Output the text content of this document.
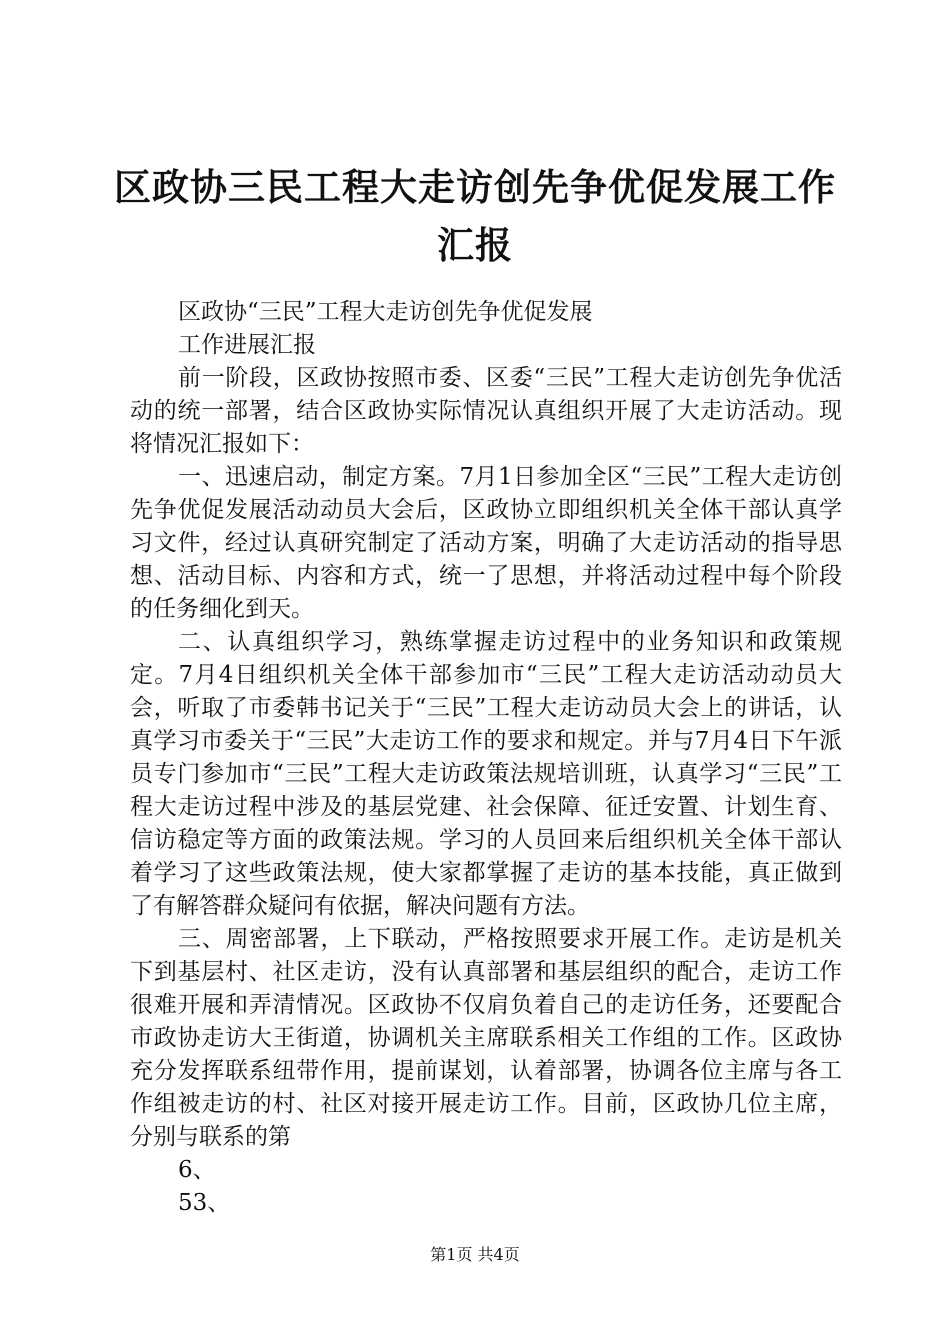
区政协三民工程大走访创先争优促发展工作汇报

区政协“三民”工程大走访创先争优促发展

工作进展汇报

前一阶段，区政协按照市委、区委“三民”工程大走访创先争优活动的统一部署，结合区政协实际情况认真组织开展了大走访活动。现将情况汇报如下：

一、迅速启动，制定方案。7月1日参加全区“三民”工程大走访创先争优促发展活动动员大会后，区政协立即组织机关全体干部认真学习文件，经过认真研究制定了活动方案，明确了大走访活动的指导思想、活动目标、内容和方式，统一了思想，并将活动过程中每个阶段的任务细化到天。

二、认真组织学习，熟练掌握走访过程中的业务知识和政策规定。7月4日组织机关全体干部参加市“三民”工程大走访活动动员大会，听取了市委韩书记关于“三民”工程大走访动员大会上的讲话，认真学习市委关于“三民”大走访工作的要求和规定。并与7月4日下午派员专门参加市“三民”工程大走访政策法规培训班，认真学习“三民”工程大走访过程中涉及的基层党建、社会保障、征迁安置、计划生育、信访稳定等方面的政策法规。学习的人员回来后组织机关全体干部认着学习了这些政策法规，使大家都掌握了走访的基本技能，真正做到了有解答群众疑问有依据，解决问题有方法。

三、周密部署，上下联动，严格按照要求开展工作。走访是机关下到基层村、社区走访，没有认真部署和基层组织的配合，走访工作很难开展和弄清情况。区政协不仅肩负着自己的走访任务，还要配合市政协走访大王街道，协调机关主席联系相关工作组的工作。区政协充分发挥联系纽带作用，提前谋划，认着部署，协调各位主席与各工作组被走访的村、社区对接开展走访工作。目前，区政协几位主席，分别与联系的第

6、

53、

第1页 共4页
